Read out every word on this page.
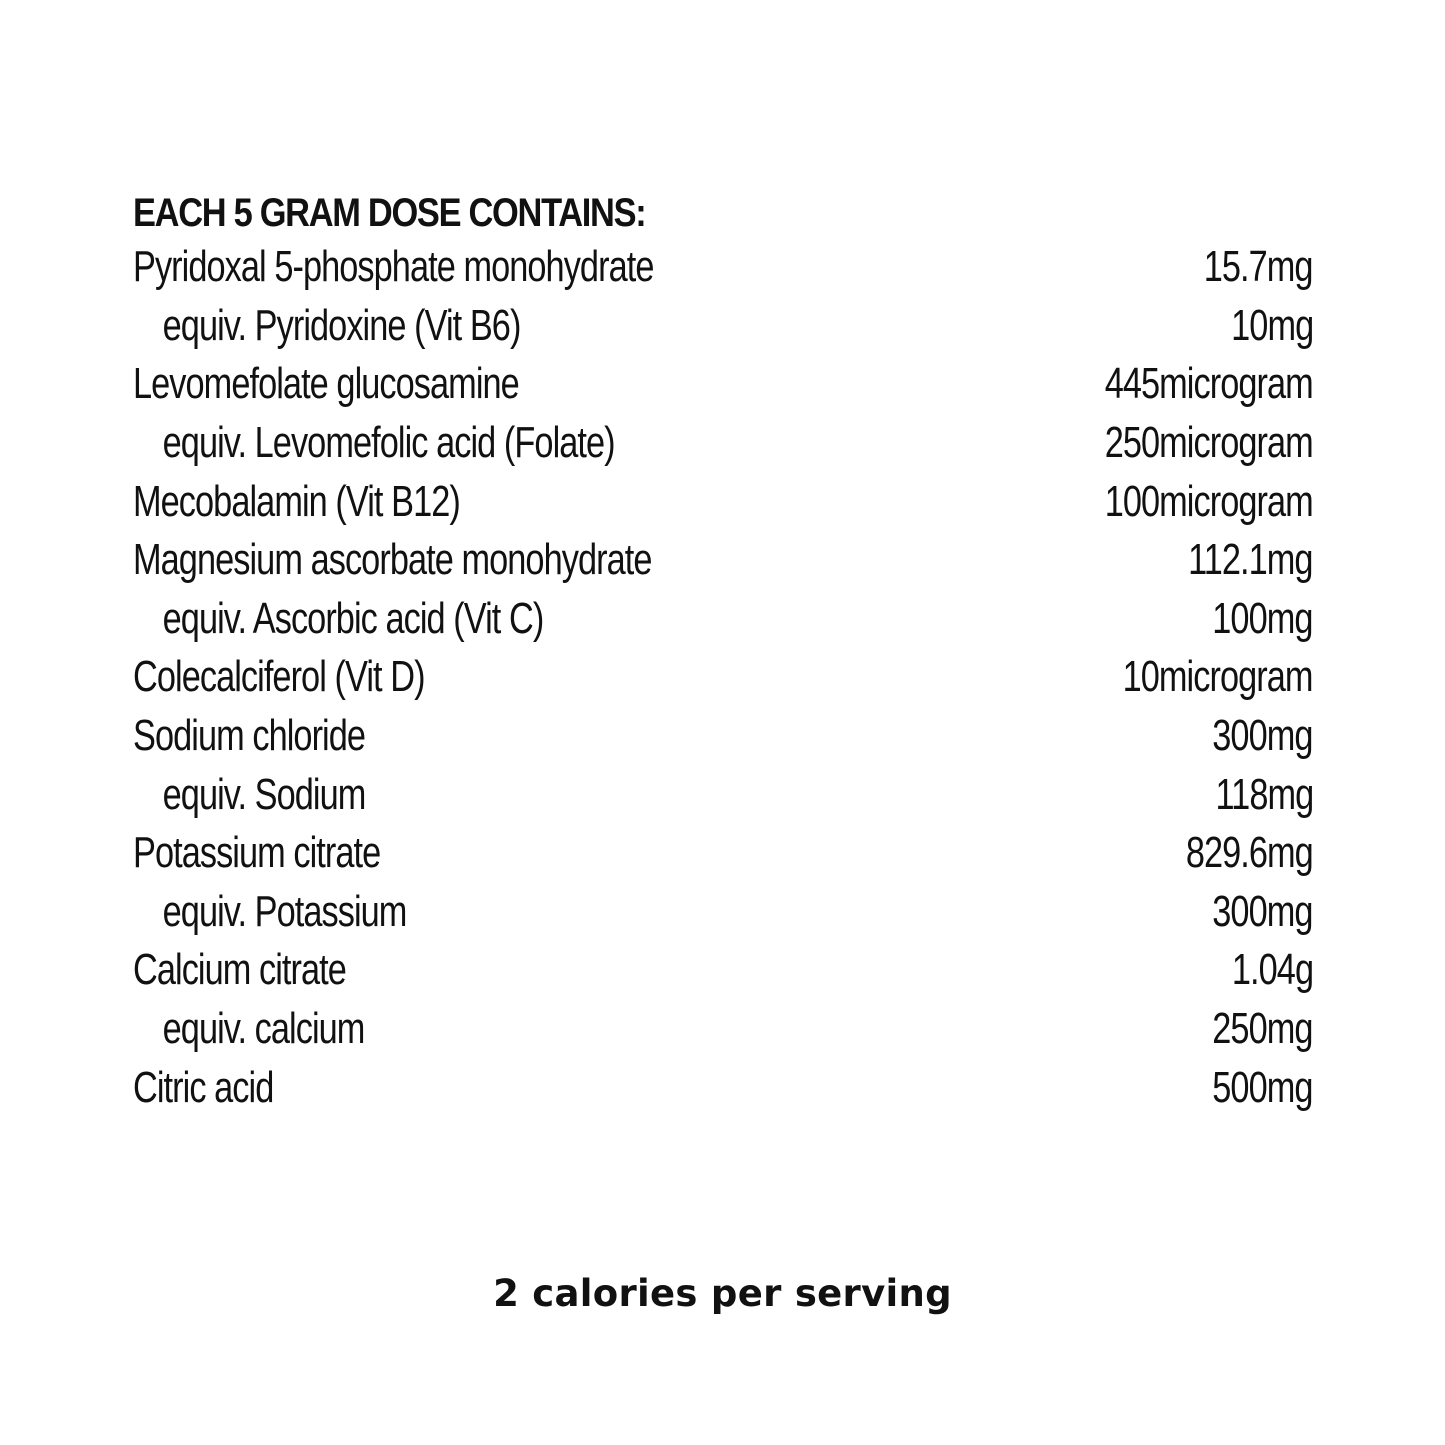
EACH 5 GRAM DOSE CONTAINS:
Pyridoxal 5-phosphate monohydrate	15.7mg
equiv. Pyridoxine (Vit B6)	10mg
Levomefolate glucosamine	445microgram
equiv. Levomefolic acid (Folate)	250microgram
Mecobalamin (Vit B12)	100microgram
Magnesium ascorbate monohydrate	112.1mg
equiv. Ascorbic acid (Vit C)	100mg
Colecalciferol (Vit D)	10microgram
Sodium chloride	300mg
equiv. Sodium	118mg
Potassium citrate	829.6mg
equiv. Potassium	300mg
Calcium citrate	1.04g
equiv. calcium	250mg
Citric acid	500mg
2 calories per serving
